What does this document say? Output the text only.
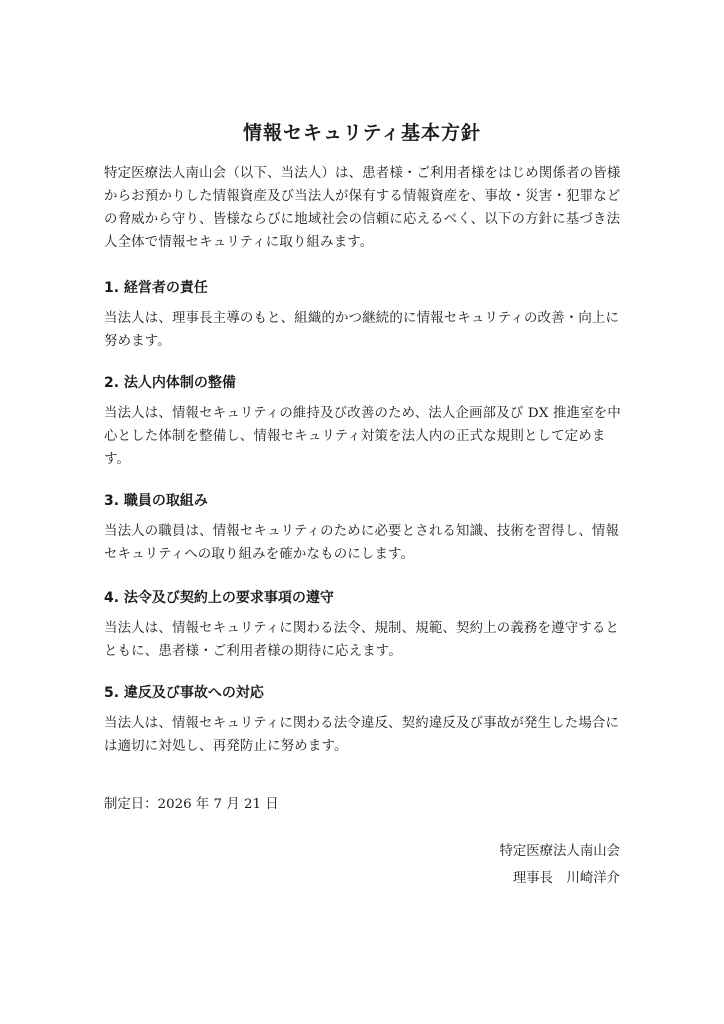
情報セキュリティ基本方針

特定医療法人南山会（以下、当法人）は、患者様・ご利用者様をはじめ関係者の皆様からお預かりした情報資産及び当法人が保有する情報資産を、事故・災害・犯罪などの脅威から守り、皆様ならびに地域社会の信頼に応えるべく、以下の方針に基づき法人全体で情報セキュリティに取り組みます。

1. 経営者の責任

当法人は、理事長主導のもと、組織的かつ継続的に情報セキュリティの改善・向上に努めます。

2. 法人内体制の整備

当法人は、情報セキュリティの維持及び改善のため、法人企画部及び DX 推進室を中心とした体制を整備し、情報セキュリティ対策を法人内の正式な規則として定めます。

3. 職員の取組み

当法人の職員は、情報セキュリティのために必要とされる知識、技術を習得し、情報セキュリティへの取り組みを確かなものにします。

4. 法令及び契約上の要求事項の遵守

当法人は、情報セキュリティに関わる法令、規制、規範、契約上の義務を遵守するとともに、患者様・ご利用者様の期待に応えます。

5. 違反及び事故への対応

当法人は、情報セキュリティに関わる法令違反、契約違反及び事故が発生した場合には適切に対処し、再発防止に努めます。

制定日：2026 年 7 月 21 日
特定医療法人南山会
理事長　川崎洋介
